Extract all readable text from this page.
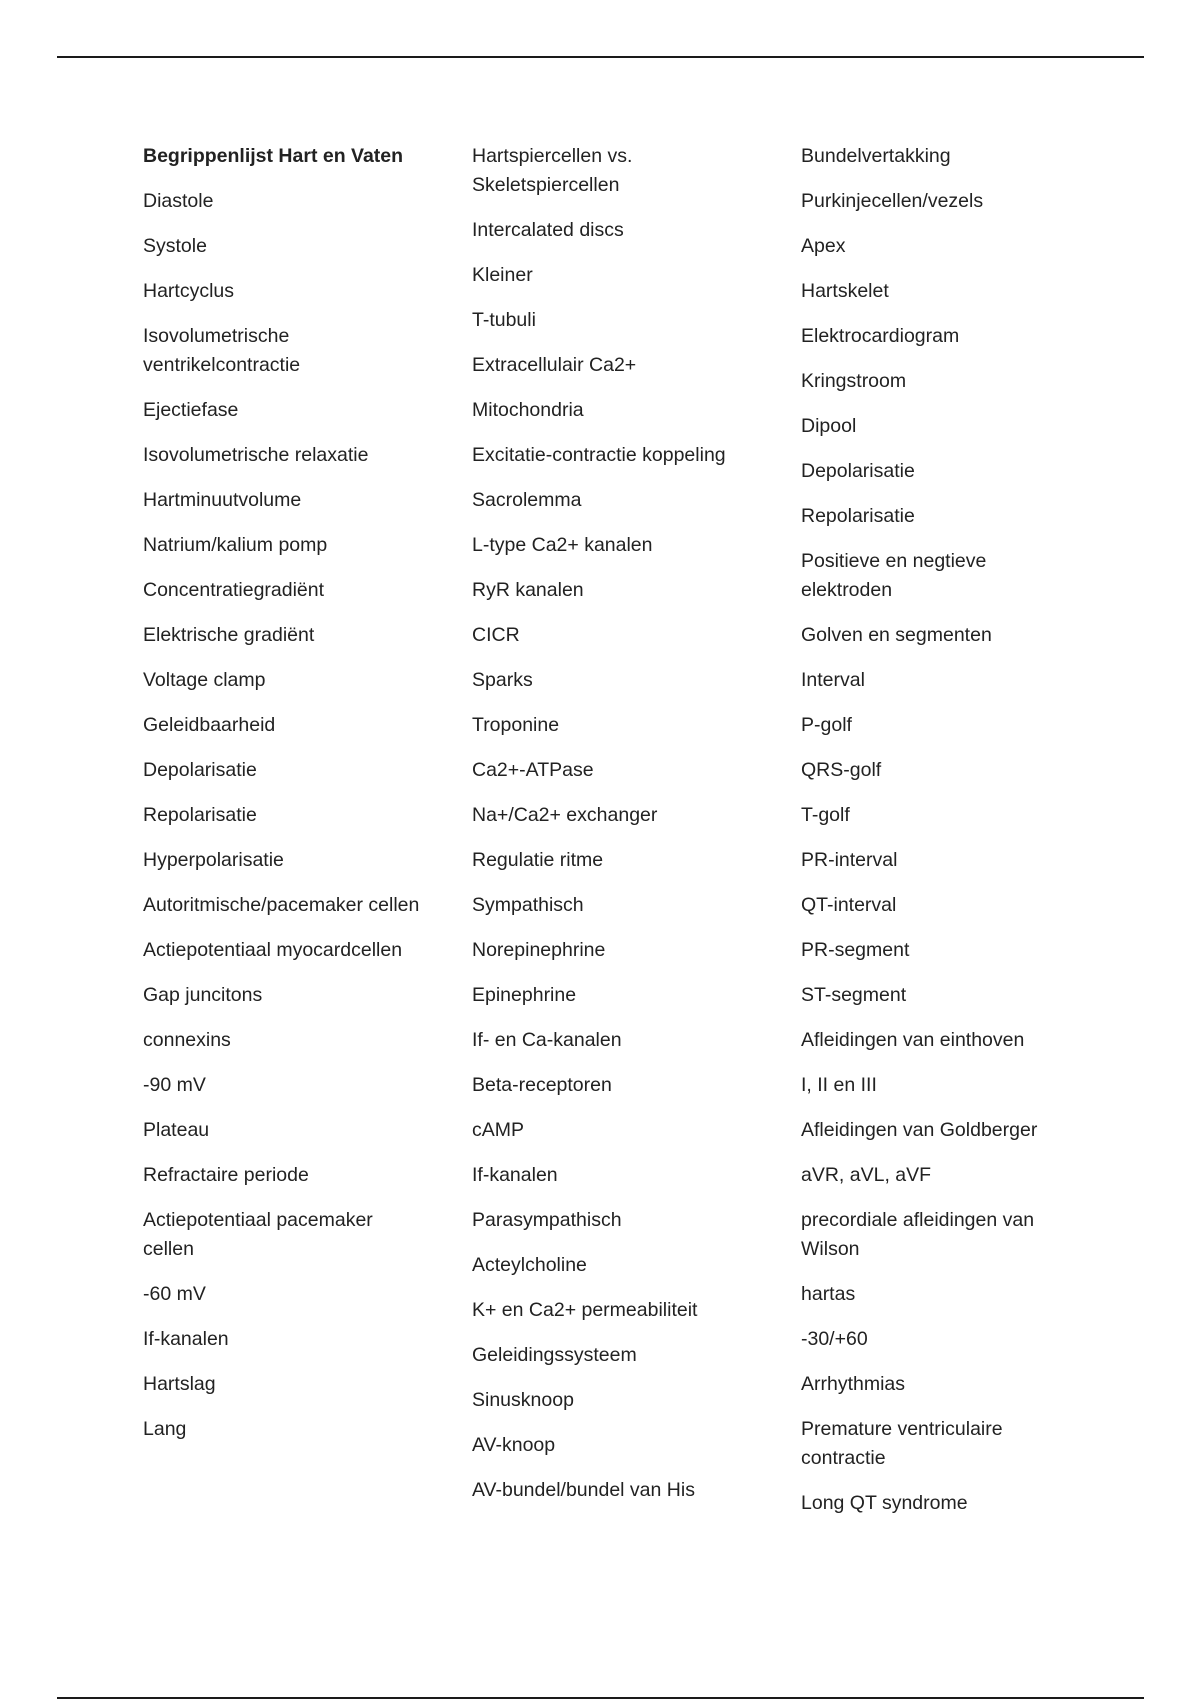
Begrippenlijst Hart en Vaten
Diastole
Systole
Hartcyclus
Isovolumetrische ventrikelcontractie
Ejectiefase
Isovolumetrische relaxatie
Hartminuutvolume
Natrium/kalium pomp
Concentratiegradiënt
Elektrische gradiënt
Voltage clamp
Geleidbaarheid
Depolarisatie
Repolarisatie
Hyperpolarisatie
Autoritmische/pacemaker cellen
Actiepotentiaal myocardcellen
Gap juncitons
connexins
-90 mV
Plateau
Refractaire periode
Actiepotentiaal pacemaker cellen
-60 mV
If-kanalen
Hartslag
Lang
Hartspiercellen vs. Skeletspiercellen
Intercalated discs
Kleiner
T-tubuli
Extracellulair Ca2+
Mitochondria
Excitatie-contractie koppeling
Sacrolemma
L-type Ca2+ kanalen
RyR kanalen
CICR
Sparks
Troponine
Ca2+-ATPase
Na+/Ca2+ exchanger
Regulatie ritme
Sympathisch
Norepinephrine
Epinephrine
If- en Ca-kanalen
Beta-receptoren
cAMP
If-kanalen
Parasympathisch
Acteylcholine
K+ en Ca2+ permeabiliteit
Geleidingssysteem
Sinusknoop
AV-knoop
AV-bundel/bundel van His
Bundelvertakking
Purkinjecellen/vezels
Apex
Hartskelet
Elektrocardiogram
Kringstroom
Dipool
Depolarisatie
Repolarisatie
Positieve en negtieve elektroden
Golven en segmenten
Interval
P-golf
QRS-golf
T-golf
PR-interval
QT-interval
PR-segment
ST-segment
Afleidingen van einthoven
I, II en III
Afleidingen van Goldberger
aVR, aVL, aVF
precordiale afleidingen van Wilson
hartas
-30/+60
Arrhythmias
Premature ventriculaire contractie
Long QT syndrome
